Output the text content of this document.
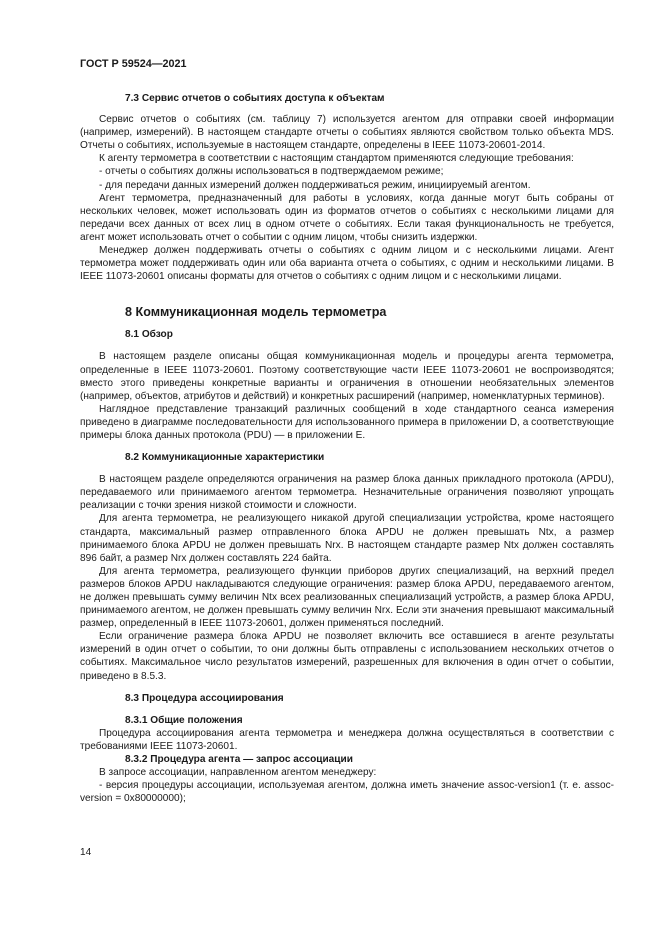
ГОСТ Р 59524—2021

7.3 Сервис отчетов о событиях доступа к объектам

Сервис отчетов о событиях (см. таблицу 7) используется агентом для отправки своей информации (например, измерений). В настоящем стандарте отчеты о событиях являются свойством только объекта MDS. Отчеты о событиях, используемые в настоящем стандарте, определены в IEEE 11073-20601-2014.

К агенту термометра в соответствии с настоящим стандартом применяются следующие требования:

- отчеты о событиях должны использоваться в подтверждаемом режиме;

- для передачи данных измерений должен поддерживаться режим, инициируемый агентом.

Агент термометра, предназначенный для работы в условиях, когда данные могут быть собраны от нескольких человек, может использовать один из форматов отчетов о событиях с несколькими лицами для передачи всех данных от всех лиц в одном отчете о событиях. Если такая функциональность не требуется, агент может использовать отчет о событии с одним лицом, чтобы снизить издержки.

Менеджер должен поддерживать отчеты о событиях с одним лицом и с несколькими лицами. Агент термометра может поддерживать один или оба варианта отчета о событиях, с одним и несколькими лицами. В IEEE 11073-20601 описаны форматы для отчетов о событиях с одним лицом и с несколькими лицами.

8 Коммуникационная модель термометра

8.1 Обзор

В настоящем разделе описаны общая коммуникационная модель и процедуры агента термометра, определенные в IEEE 11073-20601. Поэтому соответствующие части IEEE 11073-20601 не воспроизводятся; вместо этого приведены конкретные варианты и ограничения в отношении необязательных элементов (например, объектов, атрибутов и действий) и конкретных расширений (например, номенклатурных терминов).

Наглядное представление транзакций различных сообщений в ходе стандартного сеанса измерения приведено в диаграмме последовательности для использованного примера в приложении D, а соответствующие примеры блока данных протокола (PDU) — в приложении Е.

8.2 Коммуникационные характеристики

В настоящем разделе определяются ограничения на размер блока данных прикладного протокола (APDU), передаваемого или принимаемого агентом термометра. Незначительные ограничения позволяют упрощать реализации с точки зрения низкой стоимости и сложности.

Для агента термометра, не реализующего никакой другой специализации устройства, кроме настоящего стандарта, максимальный размер отправленного блока APDU не должен превышать Ntx, а размер принимаемого блока APDU не должен превышать Nrx. В настоящем стандарте размер Ntx должен составлять 896 байт, а размер Nrx должен составлять 224 байта.

Для агента термометра, реализующего функции приборов других специализаций, на верхний предел размеров блоков APDU накладываются следующие ограничения: размер блока APDU, передаваемого агентом, не должен превышать сумму величин Ntx всех реализованных специализаций устройств, а размер блока APDU, принимаемого агентом, не должен превышать сумму величин Nrx. Если эти значения превышают максимальный размер, определенный в IEEE 11073-20601, должен применяться последний.

Если ограничение размера блока APDU не позволяет включить все оставшиеся в агенте результаты измерений в один отчет о событии, то они должны быть отправлены с использованием нескольких отчетов о событиях. Максимальное число результатов измерений, разрешенных для включения в один отчет о событии, приведено в 8.5.3.

8.3 Процедура ассоциирования

8.3.1 Общие положения

Процедура ассоциирования агента термометра и менеджера должна осуществляться в соответствии с требованиями IEEE 11073-20601.

8.3.2 Процедура агента — запрос ассоциации

В запросе ассоциации, направленном агентом менеджеру:

- версия процедуры ассоциации, используемая агентом, должна иметь значение assoc-version1 (т. е. assoc-version = 0x80000000);

14
